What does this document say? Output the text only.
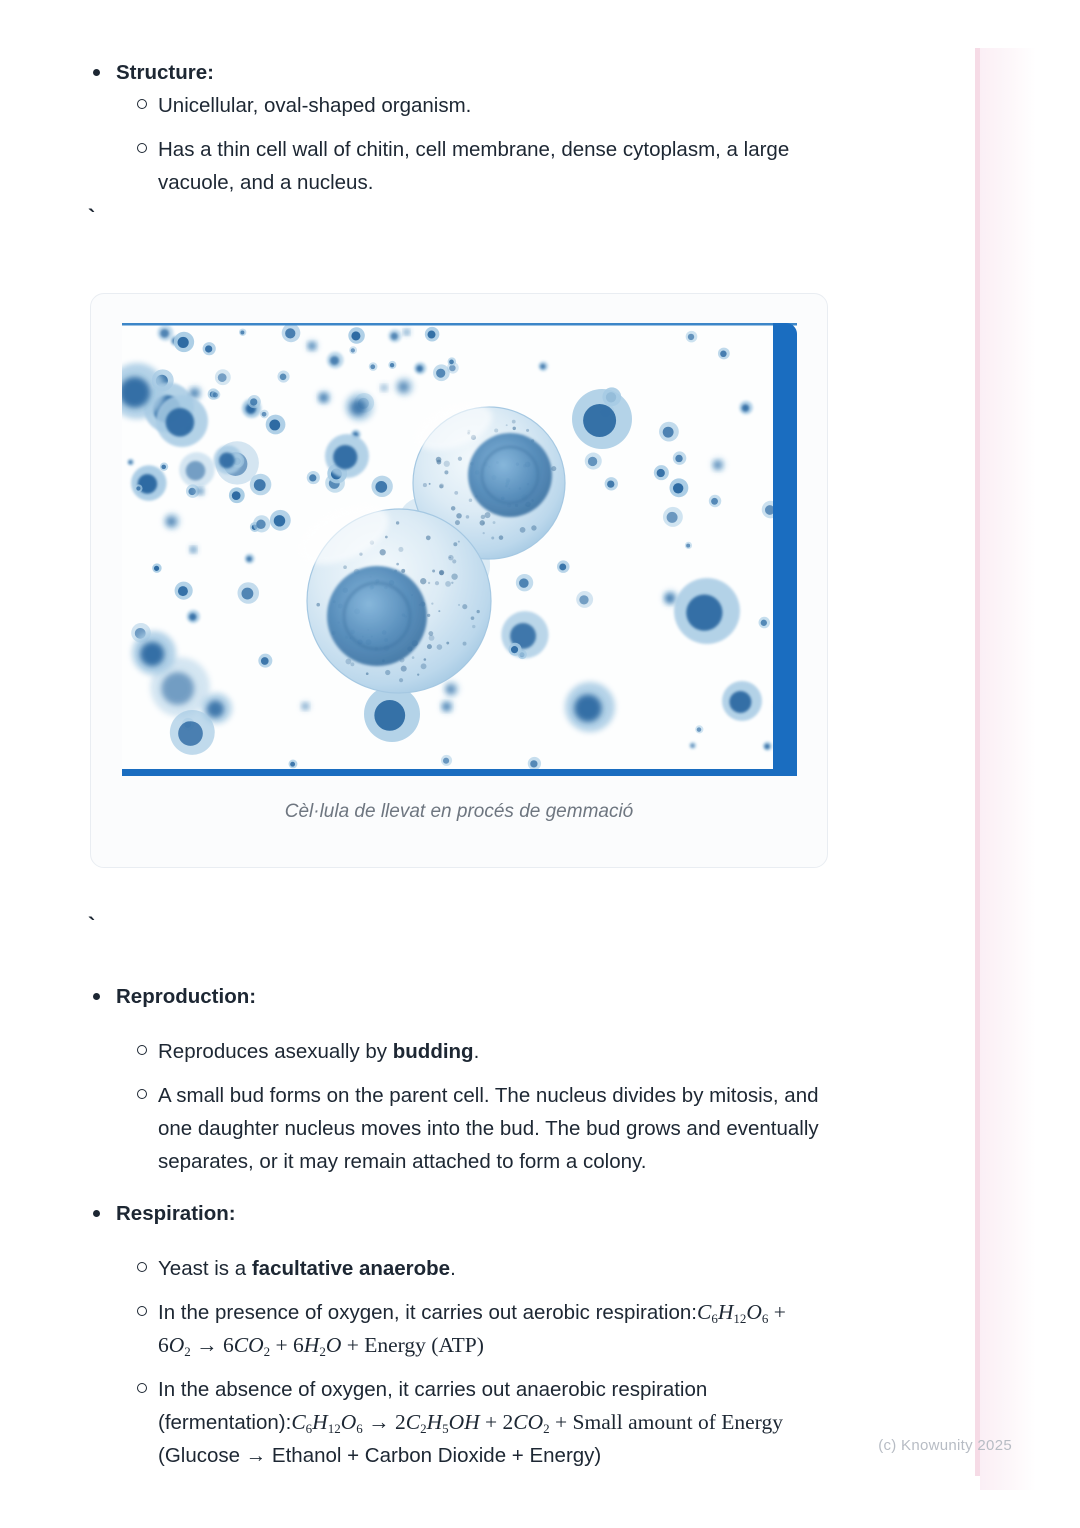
Structure:
Unicellular, oval-shaped organism.
Has a thin cell wall of chitin, cell membrane, dense cytoplasm, a large vacuole, and a nucleus.
`
Cèl·lula de llevat en procés de gemmació
`
Reproduction:
Reproduces asexually by budding.
A small bud forms on the parent cell. The nucleus divides by mitosis, and one daughter nucleus moves into the bud. The bud grows and eventually separates, or it may remain attached to form a colony.
Respiration:
Yeast is a facultative anaerobe.
In the presence of oxygen, it carries out aerobic $respiration:C_6H_{12}O_6 + 6O_2 \to 6CO_2 + 6H_2O$ + Energy (ATP)
In the absence of oxygen, it carries out anaerobic respiration $(fermentation):C_6H_{12}O_6 \to 2C_2H_5OH + 2CO_2$ + Small amount of Energy (Glucose → Ethanol + Carbon Dioxide + Energy)	(c) Knowunity 2025
